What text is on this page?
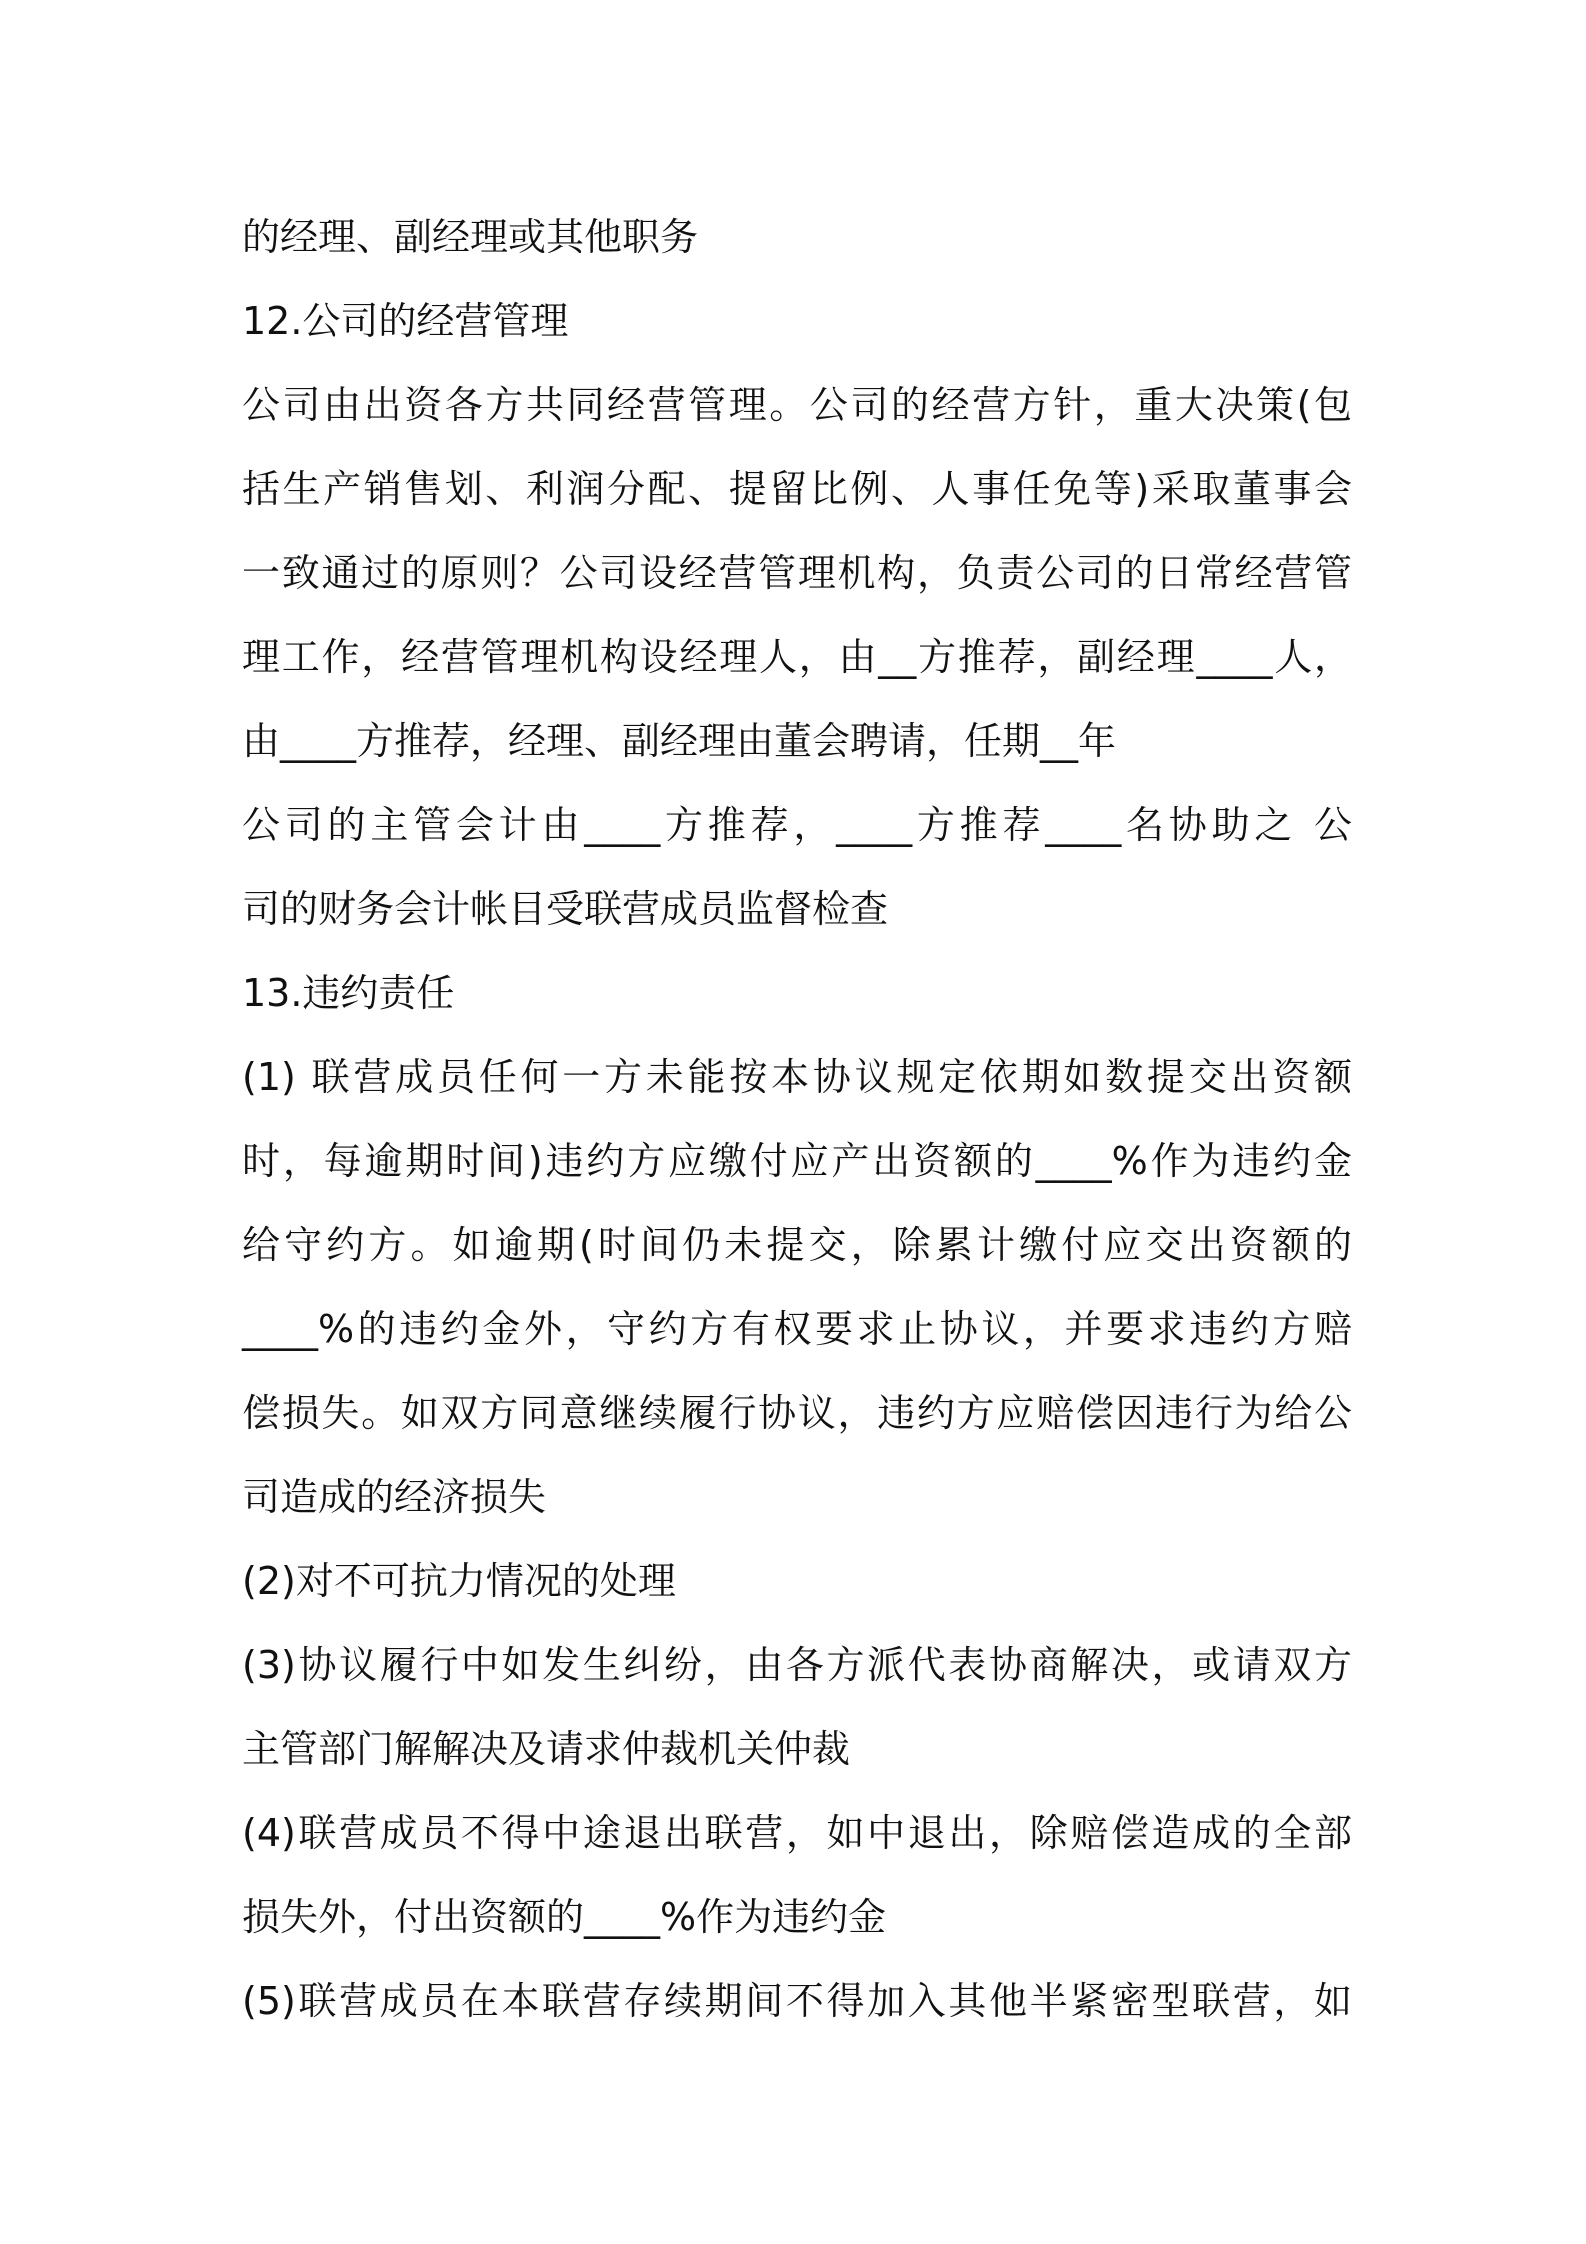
的经理、副经理或其他职务
12.公司的经营管理
公司由出资各方共同经营管理。公司的经营方针，重大决策(包
括生产销售划、利润分配、提留比例、人事任免等)采取董事会
一致通过的原则？公司设经营管理机构，负责公司的日常经营管
理工作，经营管理机构设经理人，由__方推荐，副经理____人，
由____方推荐，经理、副经理由董会聘请，任期__年
公司的主管会计由____方推荐，____方推荐____名协助之 公
司的财务会计帐目受联营成员监督检查
13.违约责任
(1) 联营成员任何一方未能按本协议规定依期如数提交出资额
时，每逾期时间)违约方应缴付应产出资额的____%作为违约金
给守约方。如逾期(时间仍未提交，除累计缴付应交出资额的
____%的违约金外，守约方有权要求止协议，并要求违约方赔
偿损失。如双方同意继续履行协议，违约方应赔偿因违行为给公
司造成的经济损失
(2)对不可抗力情况的处理
(3)协议履行中如发生纠纷，由各方派代表协商解决，或请双方
主管部门解解决及请求仲裁机关仲裁
(4)联营成员不得中途退出联营，如中退出，除赔偿造成的全部
损失外，付出资额的____%作为违约金
(5)联营成员在本联营存续期间不得加入其他半紧密型联营，如
